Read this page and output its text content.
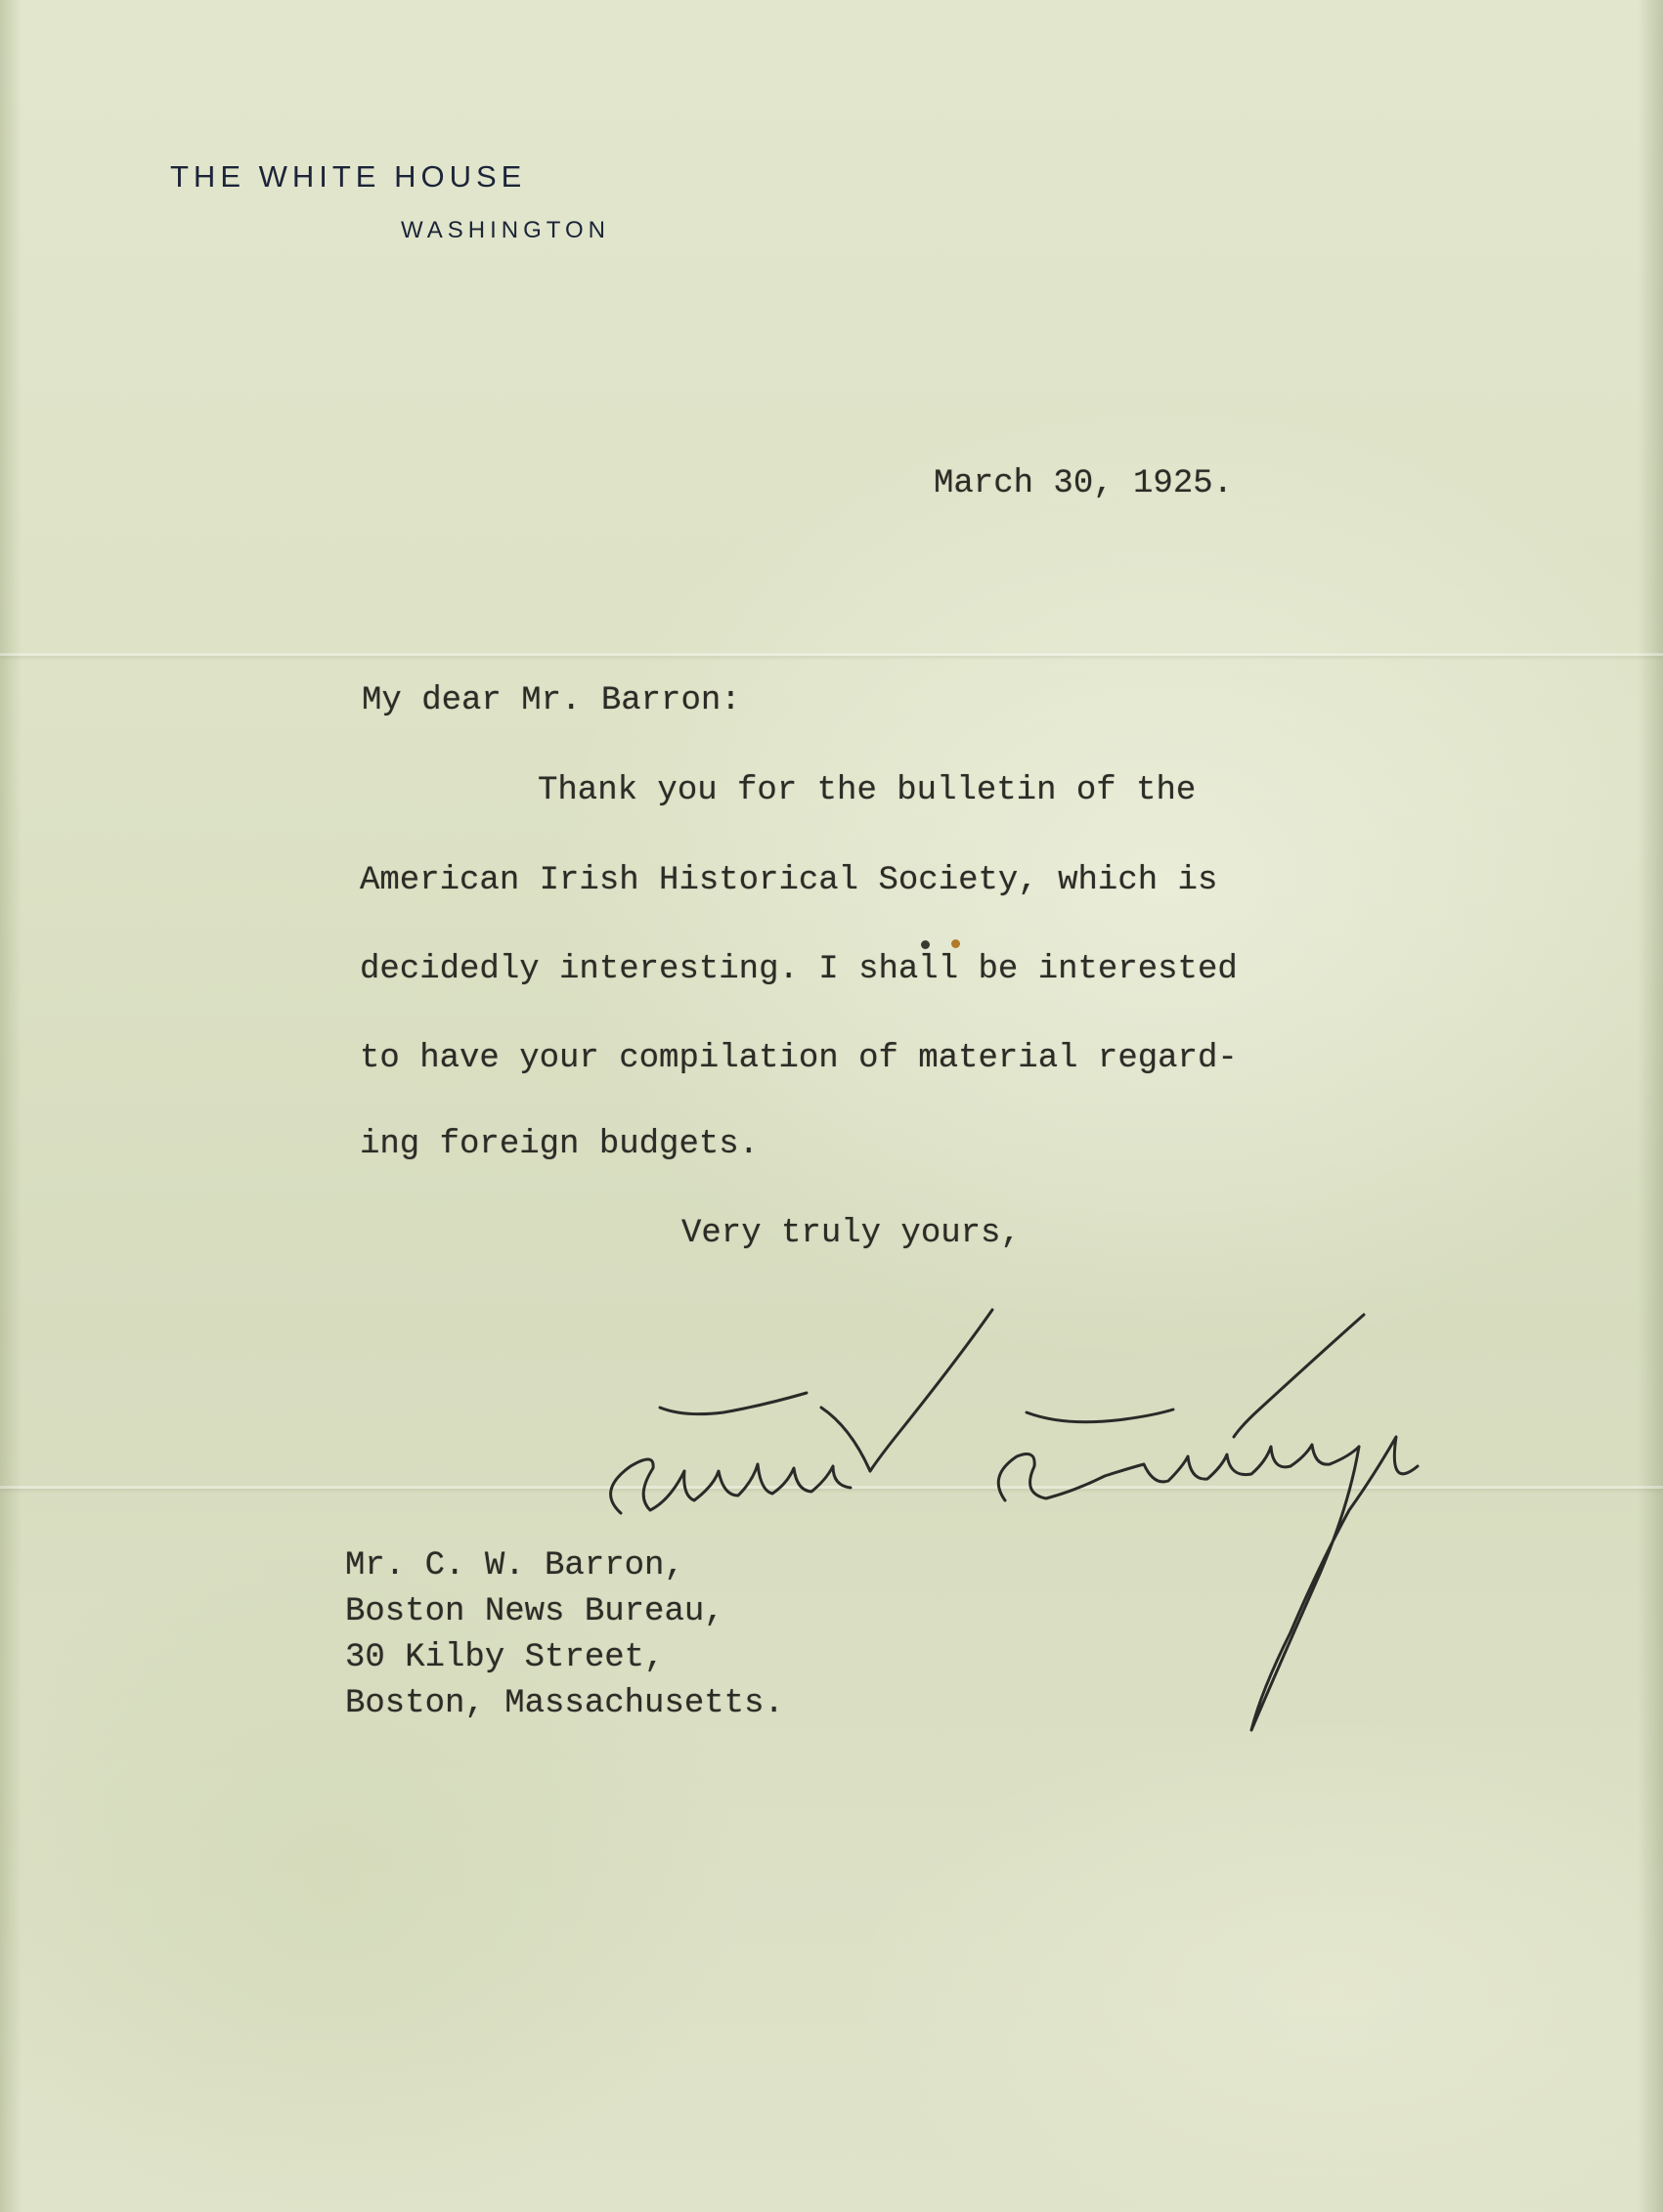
THE WHITE HOUSE
WASHINGTON
March 30, 1925.
My dear Mr. Barron:
Thank you for the bulletin of the
American Irish Historical Society, which is
decidedly interesting. I shall be interested
to have your compilation of material regard-
ing foreign budgets.
Very truly yours,
Mr. C. W. Barron,
Boston News Bureau,
30 Kilby Street,
Boston, Massachusetts.
